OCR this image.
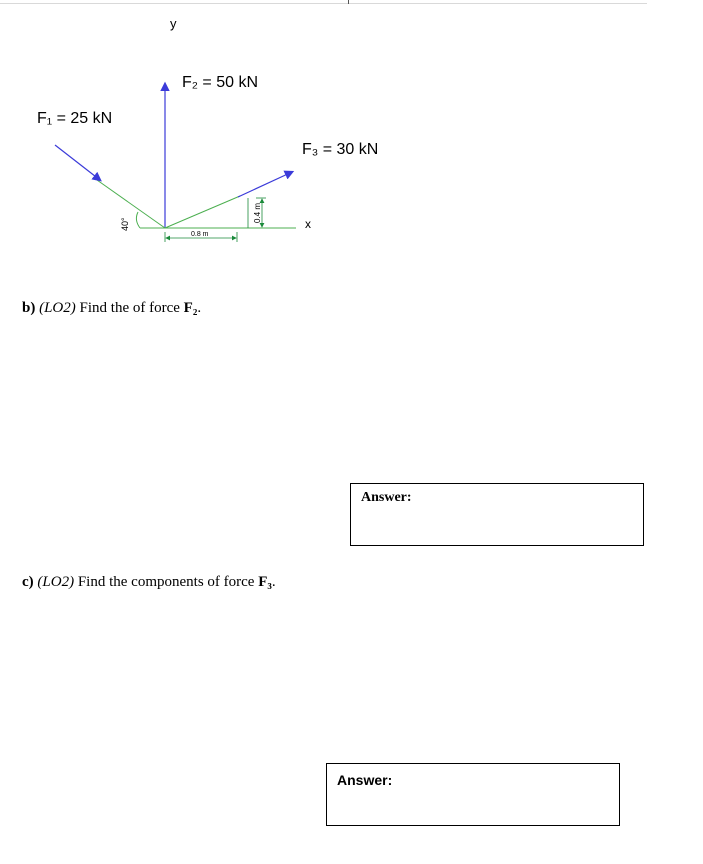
40°
0.8 m
0.4 m
y
x
F₁ = 25 kN
F₂ = 50 kN
F₃ = 30 kN
b) (LO2) Find the of force F₂.
Answer:
c) (LO2) Find the components of force F₃.
Answer:
